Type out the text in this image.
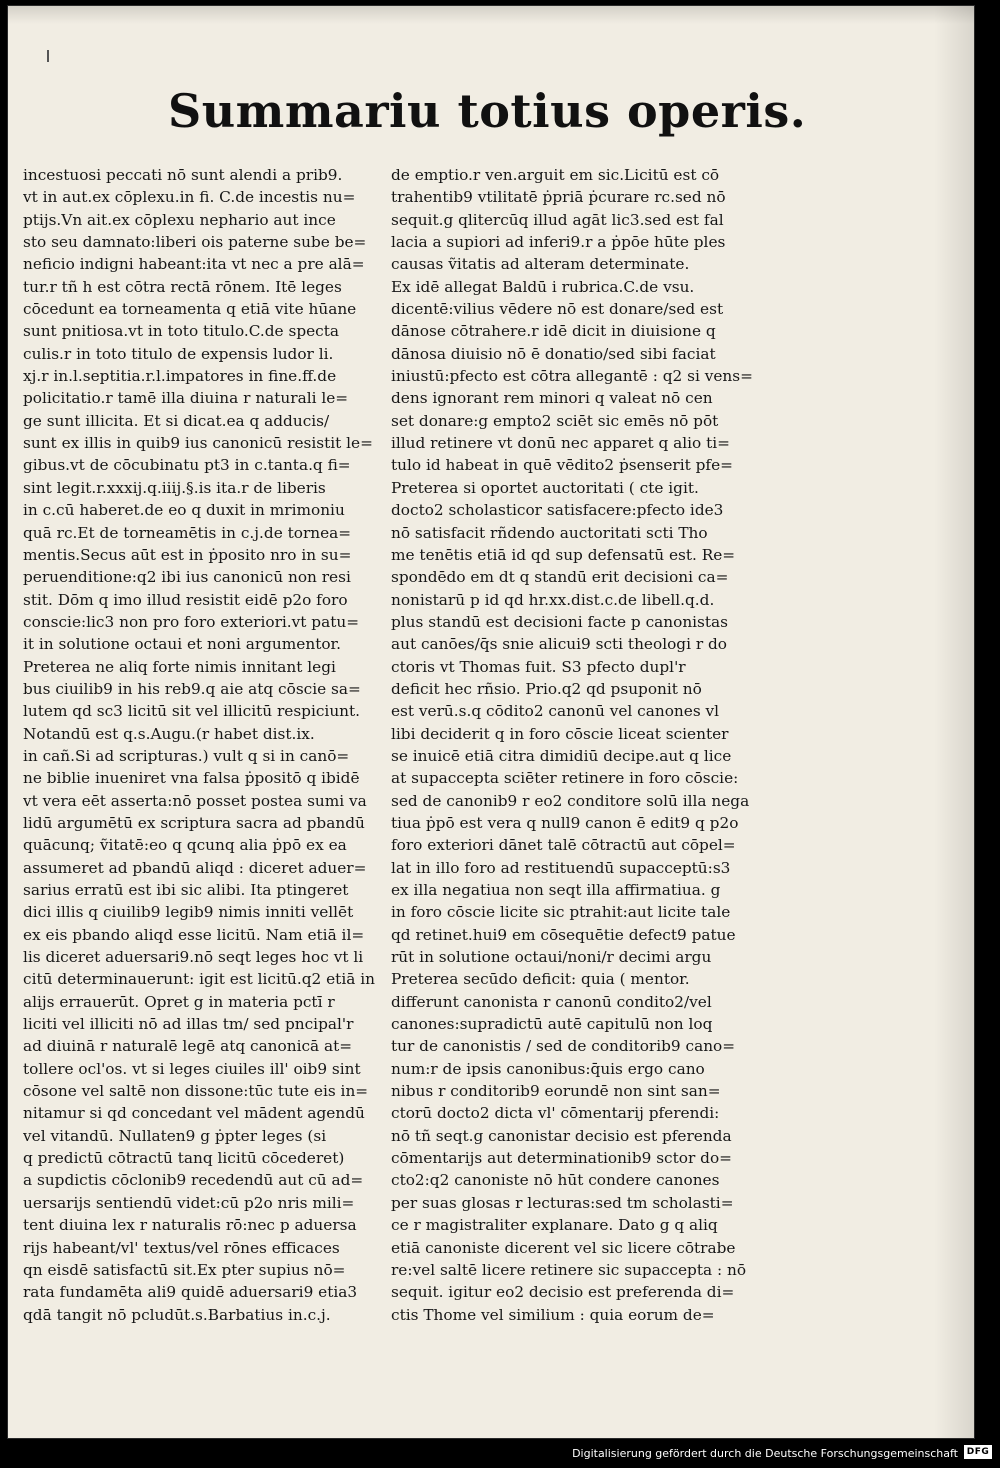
Summariu totius operis.
incestuosi peccati nō sunt alendi a prib9.
vt in aut.ex cōplexu.in fi. C.de incestis nu=
ptijs.Vn ait.ex cōplexu nephario aut ince
sto seu damnato:liberi ois paterne sube be=
neficio indigni habeant:ita vt nec a pre alā=
tur.r tñ h est cōtra rectā rōnem. Itē leges
cōcedunt ea torneamenta q etiā vite hūane
sunt pnitiosa.vt in toto titulo.C.de specta
culis.r in toto titulo de expensis ludor li.
xj.r in.l.septitia.r.l.impatores in fine.ff.de
policitatio.r tamē illa diuina r naturali le=
ge sunt illicita. Et si dicat.ea q adducis/
sunt ex illis in quib9 ius canonicū resistit le=
gibus.vt de cōcubinatu pt3 in c.tanta.q fi=
sint legit.r.xxxij.q.iiij.§.is ita.r de liberis
in c.cū haberet.de eo q duxit in mrimoniu
quā rc.Et de torneamētis in c.j.de tornea=
mentis.Secus aūt est in ṗposito nro in su=
peruenditione:q2 ibi ius canonicū non resi
stit. Dōm q imo illud resistit eidē p2o foro
conscie:lic3 non pro foro exteriori.vt patu=
it in solutione octaui et noni argumentor.
Preterea ne aliq forte nimis innitant legi
bus ciuilib9 in his reb9.q aie atq cōscie sa=
lutem qd sc3 licitū sit vel illicitū respiciunt.
Notandū est q.s.Augu.(r habet dist.ix.
in cañ.Si ad scripturas.) vult q si in canō=
ne biblie inueniret vna falsa ṗpositō q ibidē
vt vera eēt asserta:nō posset postea sumi va
lidū argumētū ex scriptura sacra ad pbandū
quācunq; ṽitatē:eo q qcunq alia ṗpō ex ea
assumeret ad pbandū aliqd : diceret aduer=
sarius erratū est ibi sic alibi. Ita ptingeret
dici illis q ciuilib9 legib9 nimis inniti vellēt
ex eis pbando aliqd esse licitū. Nam etiā il=
lis diceret aduersari9.nō seqt leges hoc vt li
citū determinauerunt: igit est licitū.q2 etiā in
alijs errauerūt. Opret g in materia pctī r
liciti vel illiciti nō ad illas tm/ sed pncipal'r
ad diuinā r naturalē legē atq canonicā at=
tollere ocl'os. vt si leges ciuiles ill' oib9 sint
cōsone vel saltē non dissone:tūc tute eis in=
nitamur si qd concedant vel mādent agendū
vel vitandū. Nullaten9 g ṗpter leges (si
q predictū cōtractū tanq licitū cōcederet)
a supdictis cōclonib9 recedendū aut cū ad=
uersarijs sentiendū videt:cū p2o nris mili=
tent diuina lex r naturalis rō:nec p aduersa
rijs habeant/vl' textus/vel rōnes efficaces
qn eisdē satisfactū sit.Ex pter supius nō=
rata fundamēta ali9 quidē aduersari9 etia3
qdā tangit nō pcludūt.s.Barbatius in.c.j.
de emptio.r ven.arguit em sic.Licitū est cō
trahentib9 vtilitatē ṗpriā ṗcurare rc.sed nō
sequit.g qlitercūq illud agāt lic3.sed est fal
lacia a supiori ad inferi9.r a ṗpōe hūte ples
causas ṽitatis ad alteram determinate.
Ex idē allegat Baldū i rubrica.C.de vsu.
dicentē:vilius vēdere nō est donare/sed est
dānose cōtrahere.r idē dicit in diuisione q
dānosa diuisio nō ē donatio/sed sibi faciat
iniustū:pfecto est cōtra allegantē : q2 si vens=
dens ignorant rem minori q valeat nō cen
set donare:g empto2 sciēt sic emēs nō pōt
illud retinere vt donū nec apparet q alio ti=
tulo id habeat in quē vēdito2 ṗsenserit pfe=
Preterea si oportet auctoritati ( cte igit.
docto2 scholasticor satisfacere:pfecto ide3
nō satisfacit rñdendo auctoritati scti Tho
me tenētis etiā id qd sup defensatū est. Re=
spondēdo em dt q standū erit decisioni ca=
nonistarū p id qd hr.xx.dist.c.de libell.q.d.
plus standū est decisioni facte p canonistas
aut canōes/q̄s snie alicui9 scti theologi r do
ctoris vt Thomas fuit. S3 pfecto dupl'r
deficit hec rñsio. Prio.q2 qd psuponit nō
est verū.s.q cōdito2 canonū vel canones vl
libi deciderit q in foro cōscie liceat scienter
se inuicē etiā citra dimidiū decipe.aut q lice
at supaccepta sciēter retinere in foro cōscie:
sed de canonib9 r eo2 conditore solū illa nega
tiua ṗpō est vera q null9 canon ē edit9 q p2o
foro exteriori dānet talē cōtractū aut cōpel=
lat in illo foro ad restituendū supacceptū:s3
ex illa negatiua non seqt illa affirmatiua. g
in foro cōscie licite sic ptrahit:aut licite tale
qd retinet.hui9 em cōsequētie defect9 patue
rūt in solutione octaui/noni/r decimi argu
Preterea secūdo deficit: quia ( mentor.
differunt canonista r canonū condito2/vel
canones:supradictū autē capitulū non loq
tur de canonistis / sed de conditorib9 cano=
num:r de ipsis canonibus:q̄uis ergo cano
nibus r conditorib9 eorundē non sint san=
ctorū docto2 dicta vl' cōmentarij pferendi:
nō tñ seqt.g canonistar decisio est pferenda
cōmentarijs aut determinationib9 sctor do=
cto2:q2 canoniste nō hūt condere canones
per suas glosas r lecturas:sed tm scholasti=
ce r magistraliter explanare. Dato g q aliq
etiā canoniste dicerent vel sic licere cōtrabe
re:vel saltē licere retinere sic supaccepta : nō
sequit. igitur eo2 decisio est preferenda di=
ctis Thome vel similium : quia eorum de=
Digitalisierung gefördert durch die Deutsche Forschungsgemeinschaft DFG
